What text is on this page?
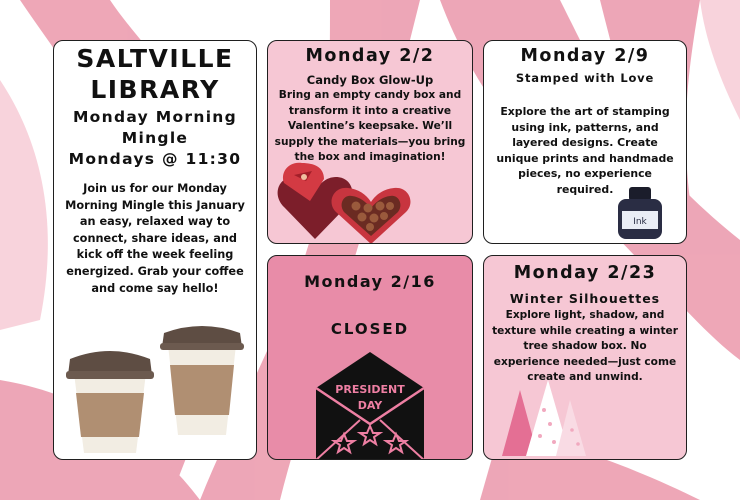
SALTVILLE LIBRARY
Monday Morning Mingle
Mondays @ 11:30
Join us for our Monday Morning Mingle this January an easy, relaxed way to connect, share ideas, and kick off the week feeling energized. Grab your coffee and come say hello!
Monday 2/2
Candy Box Glow-Up
Bring an empty candy box and transform it into a creative Valentine’s keepsake. We’ll supply the materials—you bring the box and imagination!
Monday 2/9
Stamped with Love
Explore the art of stamping using ink, patterns, and layered designs. Create unique prints and handmade pieces, no experience required.
Ink
Monday 2/16
CLOSED
PRESIDENT
DAY
Monday 2/23
Winter Silhouettes
Explore light, shadow, and texture while creating a winter tree shadow box. No experience needed—just come create and unwind.
